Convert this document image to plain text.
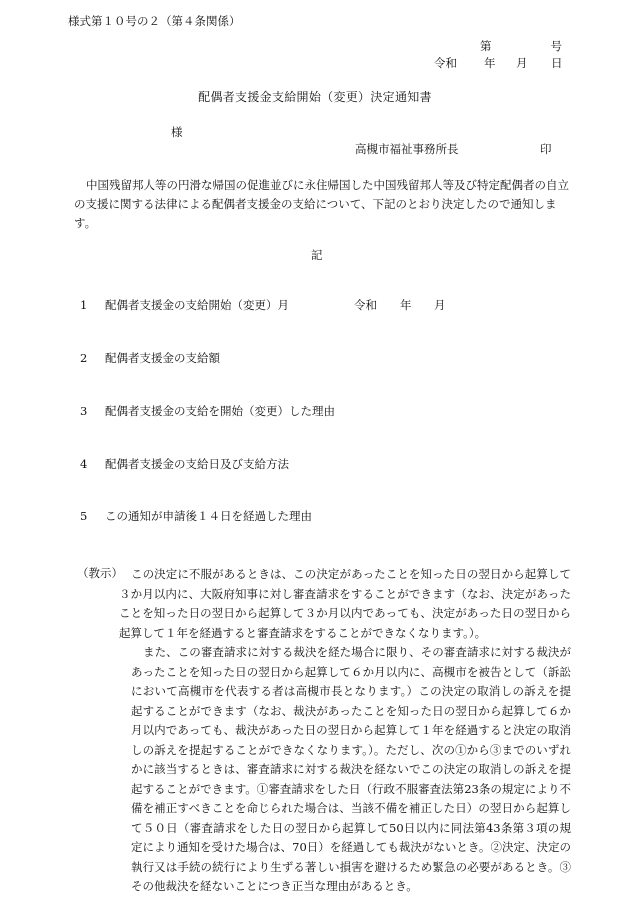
様式第１０号の２（第４条関係）
第	号
令和 年 月 日
配偶者支援金支給開始（変更）決定通知書
様
高槻市福祉事務所長	印
中国残留邦人等の円滑な帰国の促進並びに永住帰国した中国残留邦人等及び特定配偶者の自立の支援に関する法律による配偶者支援金の支給について、下記のとおり決定したので通知します。
記
1 配偶者支援金の支給開始（変更）月	令和 年 月
2 配偶者支援金の支給額
3 配偶者支援金の支給を開始（変更）した理由
4 配偶者支援金の支給日及び支給方法
5 この通知が申請後１４日を経過した理由
（教示） この決定に不服があるときは、この決定があったことを知った日の翌日から起算して３か月以内に、大阪府知事に対し審査請求をすることができます（なお、決定があったことを知った日の翌日から起算して３か月以内であっても、決定があった日の翌日から起算して１年を経過すると審査請求をすることができなくなります。）。

また、この審査請求に対する裁決を経た場合に限り、その審査請求に対する裁決があったことを知った日の翌日から起算して６か月以内に、高槻市を被告として（訴訟において高槻市を代表する者は高槻市長となります。）この決定の取消しの訴えを提起することができます（なお、裁決があったことを知った日の翌日から起算して６か月以内であっても、裁決があった日の翌日から起算して１年を経過すると決定の取消しの訴えを提起することができなくなります。）。ただし、次の①から③までのいずれかに該当するときは、審査請求に対する裁決を経ないでこの決定の取消しの訴えを提起することができます。①審査請求をした日（行政不服審査法第23条の規定により不備を補正すべきことを命じられた場合は、当該不備を補正した日）の翌日から起算して５０日（審査請求をした日の翌日から起算して50日以内に同法第43条第３項の規定により通知を受けた場合は、70日）を経過しても裁決がないとき。②決定、決定の執行又は手続の続行により生ずる著しい損害を避けるため緊急の必要があるとき。③その他裁決を経ないことにつき正当な理由があるとき。
